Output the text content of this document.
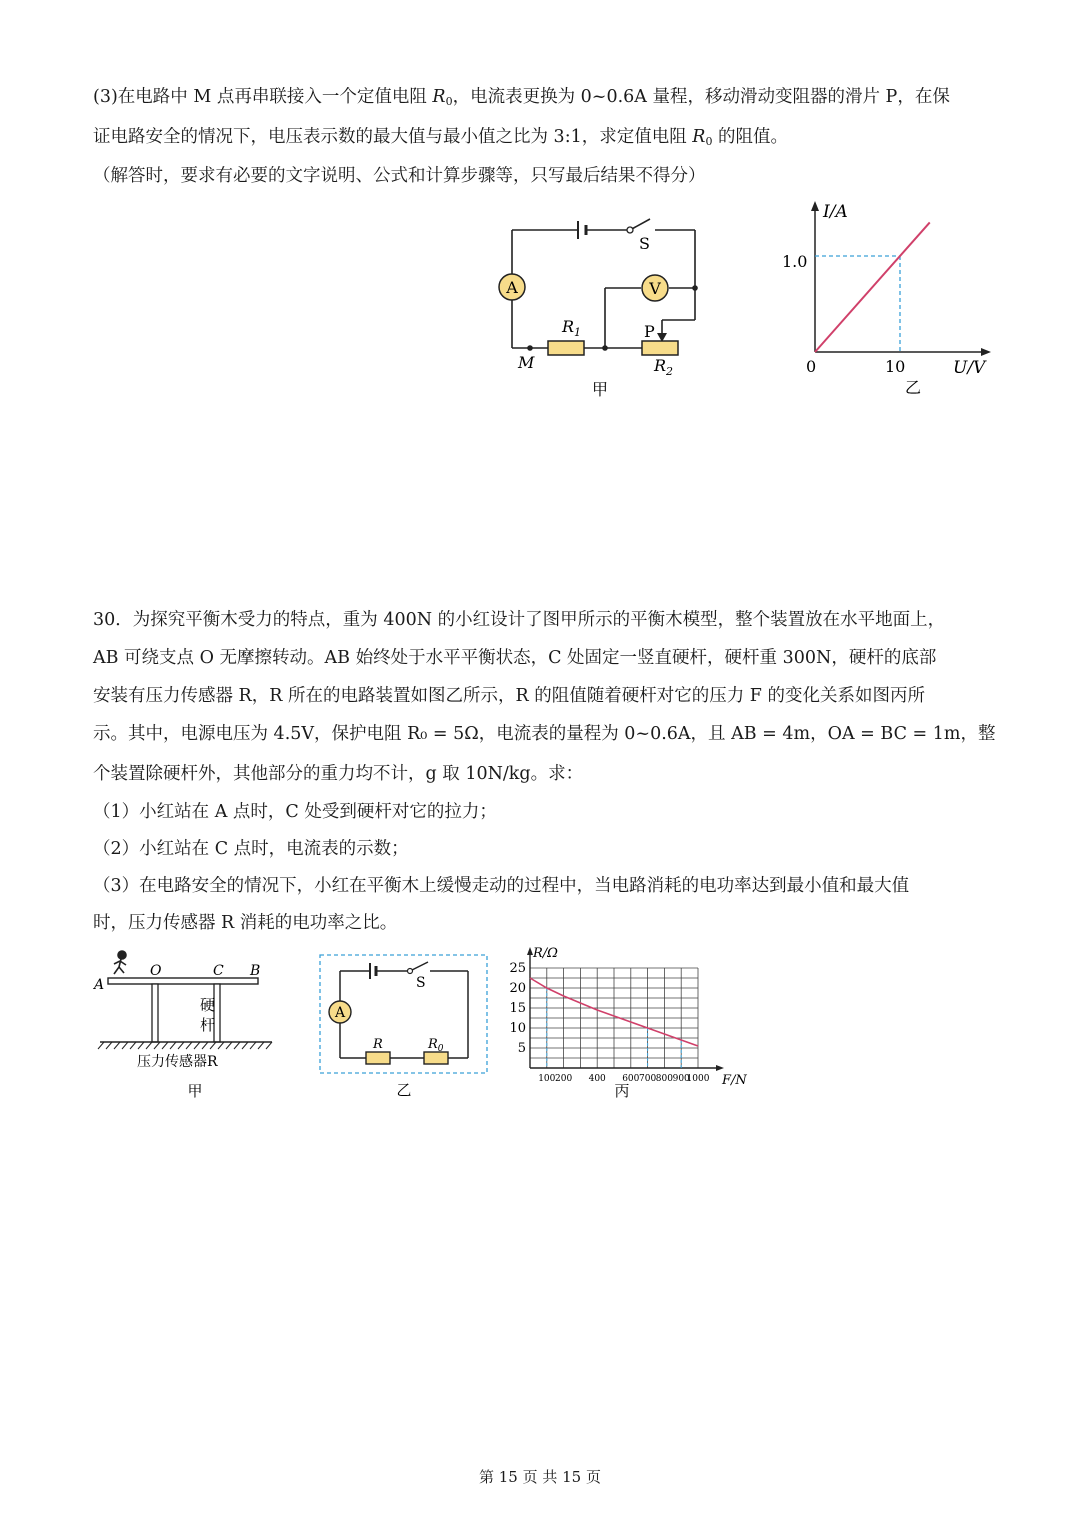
(3)在电路中 M 点再串联接入一个定值电阻 $R_0$，电流表更换为 0~0.6A 量程，移动滑动变阻器的滑片 P，在保
证电路安全的情况下，电压表示数的最大值与最小值之比为 3:1，求定值电阻 $R_0$ 的阻值。
（解答时，要求有必要的文字说明、公式和计算步骤等，只写最后结果不得分）
S
A	V
$R_1$	P
$R_2$
M
甲
I/A
U/V
0	10
1.0
乙
30．为探究平衡木受力的特点，重为 400N 的小红设计了图甲所示的平衡木模型，整个装置放在水平地面上，
AB 可绕支点 O 无摩擦转动。AB 始终处于水平平衡状态，C 处固定一竖直硬杆，硬杆重 300N，硬杆的底部
安装有压力传感器 R，R 所在的电路装置如图乙所示，R 的阻值随着硬杆对它的压力 F 的变化关系如图丙所
示。其中，电源电压为 4.5V，保护电阻 R₀ = 5Ω，电流表的量程为 0~0.6A，且 AB = 4m，OA = BC = 1m，整
个装置除硬杆外，其他部分的重力均不计，g 取 10N/kg。求：
（1）小红站在 A 点时，C 处受到硬杆对它的拉力；
（2）小红站在 C 点时，电流表的示数；
（3）在电路安全的情况下，小红在平衡木上缓慢走动的过程中，当电路消耗的电功率达到最小值和最大值
时，压力传感器 R 消耗的电功率之比。
A
O	C B
硬
杆
压力传感器R
甲
S
A
R	$R_0$
乙
R/Ω
F/N
25
20
15
10
5
100 200 400 600 700 800 900
1000
丙
第 15 页 共 15 页
